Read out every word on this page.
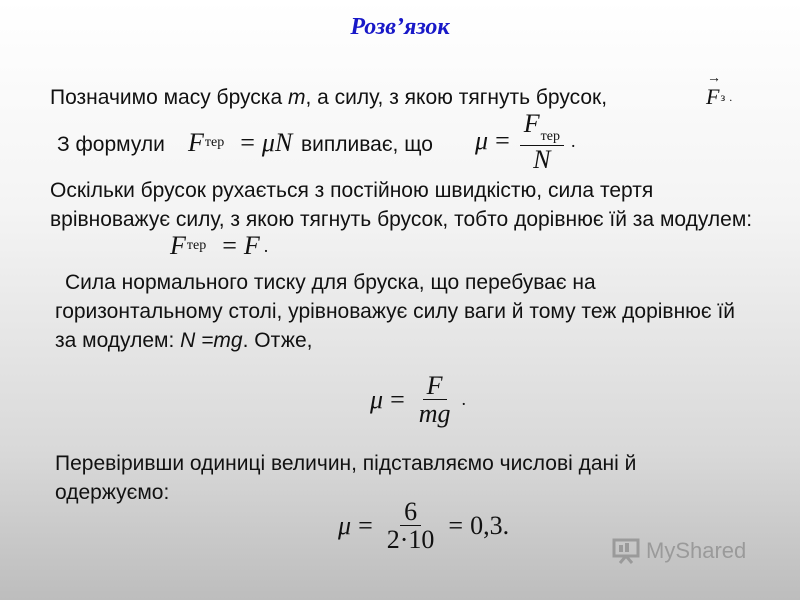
Розв’язок
Позначимо масу бруска m, а силу, з якою тягнуть брусок,
→
F з .
З формули F тер = μ N випливає, що $\mu = \frac{F_{тер}}{N}$ .
Оскільки брусок рухається з постійною швидкістю, сила тертя врівноважує силу, з якою тягнуть брусок, тобто дорівнює їй за модулем:
F тер = F .
Сила нормального тиску для бруска, що перебуває на горизонтальному столі, урівноважує силу ваги й тому теж дорівнює їй за модулем: N =mg. Отже,
$\mu = \frac{F}{mg}$ .
Перевіривши одиниці величин, підставляємо числові дані й одержуємо:
$\mu = \frac{6}{2\cdot 10} = 0,3$.
MyShared
